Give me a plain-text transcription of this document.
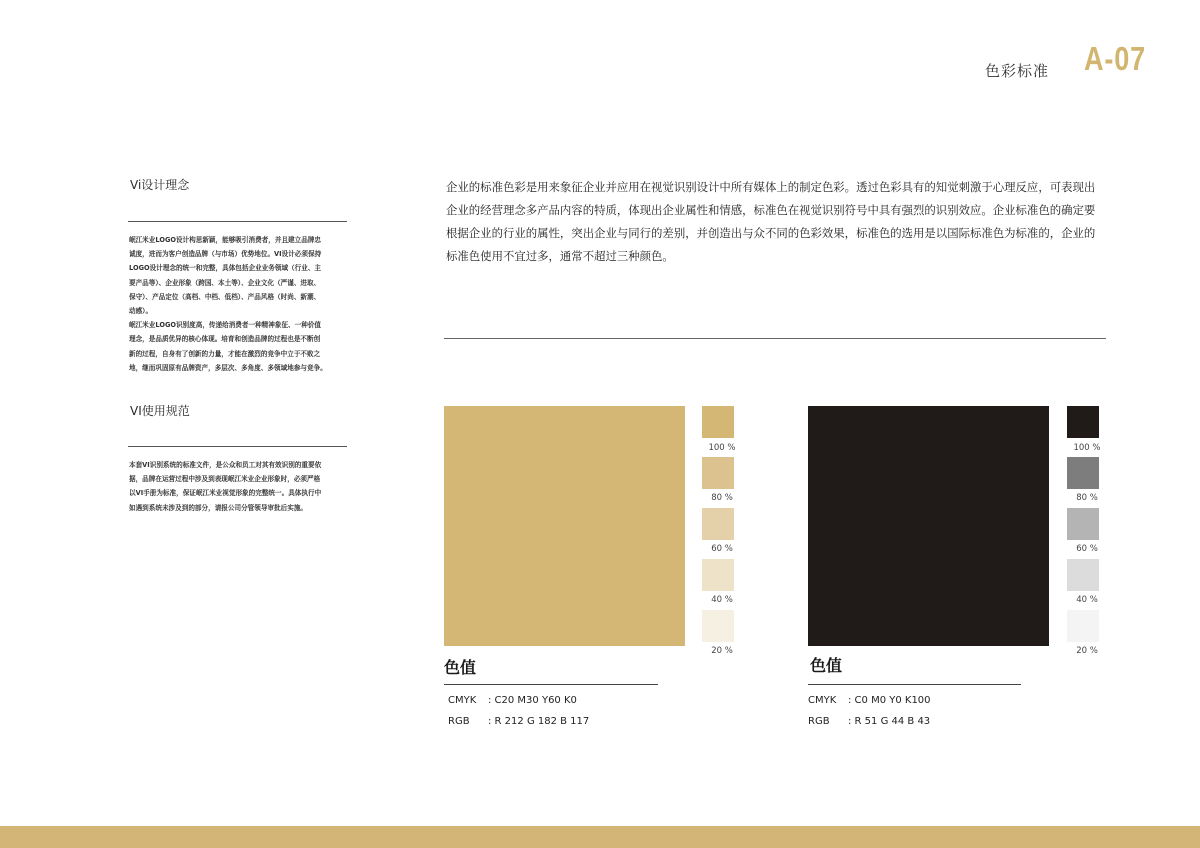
色彩标准 A-07
Vi设计理念

岷江米业LOGO设计构思新颖，能够吸引消费者，并且建立品牌忠

诚度，进而为客户创造品牌（与市场）优势地位。VI设计必须保持

LOGO设计理念的统一和完整，具体包括企业业务领域（行业、主

要产品等）、企业形象（跨国、本土等）、企业文化（严谨、进取、

保守）、产品定位（高档、中档、低档）、产品风格（时尚、新潮、

动感）。

岷江米业LOGO识别度高，传递给消费者一种精神象征、一种价值

理念，是品质优异的核心体现。培育和创造品牌的过程也是不断创

新的过程，自身有了创新的力量，才能在激烈的竞争中立于不败之

地，继而巩固原有品牌资产，多层次、多角度、多领域地参与竞争。

VI使用规范

本套VI识别系统的标准文件，是公众和员工对其有效识别的重要依

据，品牌在运营过程中涉及到表现岷江米业企业形象时，必须严格

以VI手册为标准，保证岷江米业视觉形象的完整统一。具体执行中

如遇到系统未涉及到的部分，请报公司分管领导审批后实施。

企业的标准色彩是用来象征企业并应用在视觉识别设计中所有媒体上的制定色彩。透过色彩具有的知觉刺激于心理反应，可表现出企业的经营理念多产品内容的特质，体现出企业属性和情感，标准色在视觉识别符号中具有强烈的识别效应。企业标准色的确定要根据企业的行业的属性，突出企业与同行的差别，并创造出与众不同的色彩效果，标准色的选用是以国际标准色为标准的，企业的标准色使用不宜过多，通常不超过三种颜色。
100 %
80 %
60 %
40 %
20 %
色值
CMYK : C20 M30 Y60 K0
RGB : R 212 G 182 B 117
100 %
80 %
60 %
40 %
20 %
色值
CMYK : C0 M0 Y0 K100
RGB : R 51 G 44 B 43
